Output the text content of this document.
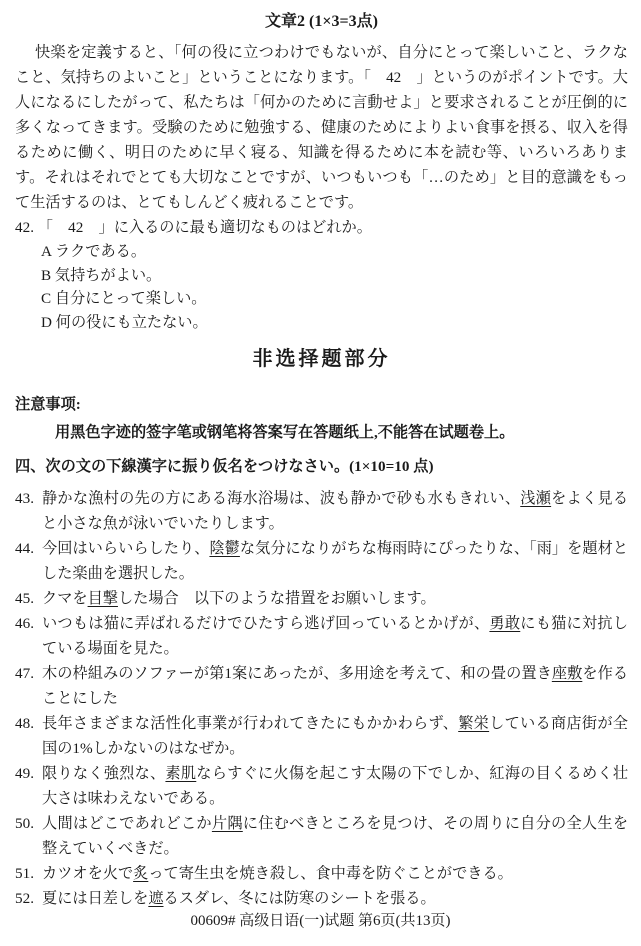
文章2 (1×3=3点)

快楽を定義すると、「何の役に立つわけでもないが、自分にとって楽しいこと、ラクなこと、気持ちのよいこと」ということになります。「　42　」というのがポイントです。大人になるにしたがって、私たちは「何かのために言動せよ」と要求されることが圧倒的に多くなってきます。受験のために勉強する、健康のためによりよい食事を摂る、収入を得るために働く、明日のために早く寝る、知識を得るために本を読む等、いろいろあります。それはそれでとても大切なことですが、いつもいつも「…のため」と目的意識をもって生活するのは、とてもしんどく疲れることです。

42. 「　42　」に入るのに最も適切なものはどれか。
A ラクである。
B 気持ちがよい。
C 自分にとって楽しい。
D 何の役にも立たない。
非选择题部分
注意事项:
用黑色字迹的签字笔或钢笔将答案写在答题纸上,不能答在试题卷上。
四、次の文の下線漢字に振り仮名をつけなさい。(1×10=10 点)
43. 静かな漁村の先の方にある海水浴場は、波も静かで砂も水もきれい、浅瀬をよく見ると小さな魚が泳いでいたりします。
44. 今回はいらいらしたり、陰鬱な気分になりがちな梅雨時にぴったりな、「雨」を題材とした楽曲を選択した。
45. クマを目撃した場合　以下のような措置をお願いします。
46. いつもは猫に弄ばれるだけでひたすら逃げ回っているとかげが、勇敢にも猫に対抗している場面を見た。
47. 木の枠組みのソファーが第1案にあったが、多用途を考えて、和の畳の置き座敷を作ることにした
48. 長年さまざまな活性化事業が行われてきたにもかかわらず、繁栄している商店街が全国の1%しかないのはなぜか。
49. 限りなく強烈な、素肌ならすぐに火傷を起こす太陽の下でしか、紅海の目くるめく壮大さは味わえないである。
50. 人間はどこであれどこか片隅に住むべきところを見つけ、その周りに自分の全人生を整えていくべきだ。
51. カツオを火で炙って寄生虫を焼き殺し、食中毒を防ぐことができる。
52. 夏には日差しを遮るスダレ、冬には防寒のシートを張る。
00609# 高级日语(一)试题 第6页(共13页)
